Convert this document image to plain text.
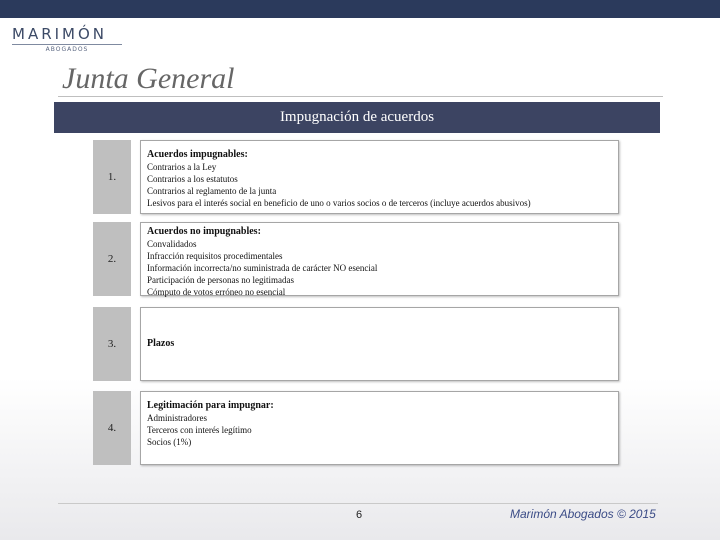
MARIMÓN
ABOGADOS
Junta General
Impugnación de acuerdos
1.
Acuerdos impugnables:
Contrarios a la Ley
Contrarios a los estatutos
Contrarios al reglamento de la junta
Lesivos para el interés social en beneficio de uno o varios socios o de terceros (incluye acuerdos abusivos)
2.
Acuerdos no impugnables:
Convalidados
Infracción requisitos procedimentales
Información incorrecta/no suministrada de carácter NO esencial
Participación de personas no legitimadas
Cómputo de votos erróneo no esencial
3.	Plazos
4.
Legitimación para impugnar:
Administradores
Terceros con interés legítimo
Socios (1%)
6	Marimón Abogados © 2015
